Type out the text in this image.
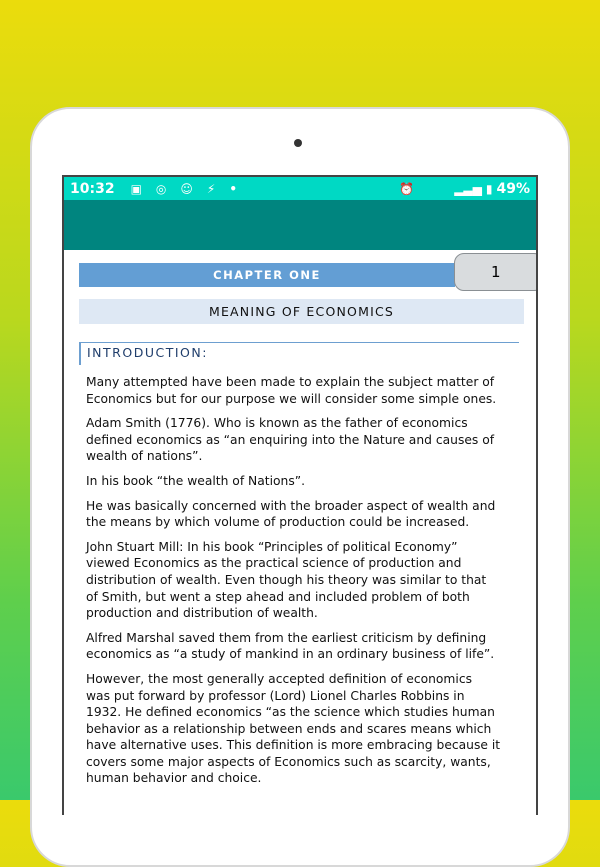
10:32 ▣ ◎ ☺ ⚡ •	⏰	▂▃▅ ▮ 49%
CHAPTER ONE	1
MEANING OF ECONOMICS
INTRODUCTION:
Many attempted have been made to explain the subject matter of
Economics but for our purpose we will consider some simple ones.
Adam Smith (1776). Who is known as the father of economics
defined economics as “an enquiring into the Nature and causes of
wealth of nations”.
In his book “the wealth of Nations”.
He was basically concerned with the broader aspect of wealth and
the means by which volume of production could be increased.
John Stuart Mill: In his book “Principles of political Economy”
viewed Economics as the practical science of production and
distribution of wealth. Even though his theory was similar to that
of Smith, but went a step ahead and included problem of both
production and distribution of wealth.
Alfred Marshal saved them from the earliest criticism by defining
economics as “a study of mankind in an ordinary business of life”.
However, the most generally accepted definition of economics
was put forward by professor (Lord) Lionel Charles Robbins in
1932. He defined economics “as the science which studies human
behavior as a relationship between ends and scares means which
have alternative uses. This definition is more embracing because it
covers some major aspects of Economics such as scarcity, wants,
human behavior and choice.
